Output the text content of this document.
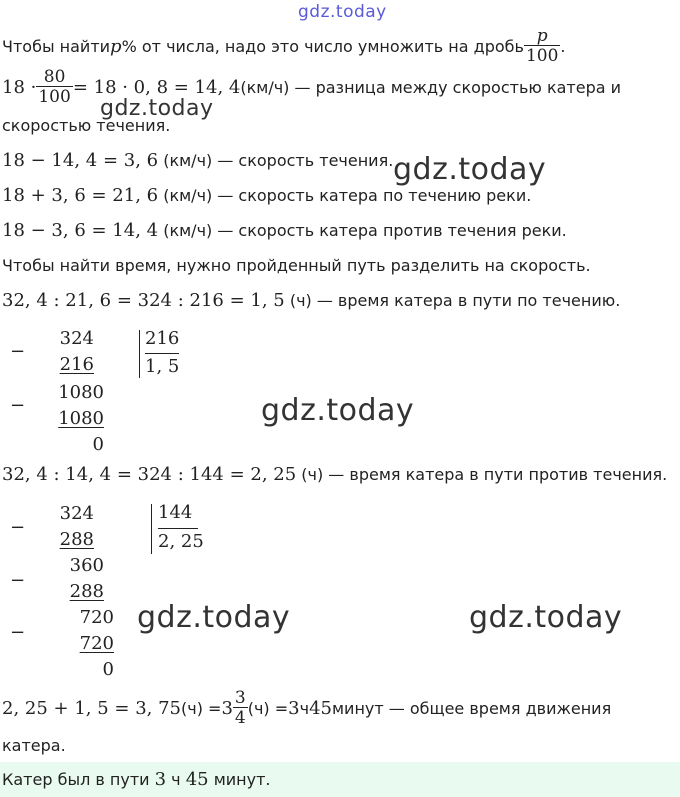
gdz.today
gdz.today
gdz.today
gdz.today
gdz.today	gdz.today
Чтобы найти p % от числа, надо это число умножить на дробь $\frac{p}{100}$ .
$18 \cdot \frac{80}{100} = 18 \cdot 0$, 8 = 14, 4 (км/ч) — разница между скоростью катера и
скоростью течения.
18 − 14, 4 = 3, 6 (км/ч) — скорость течения.
18 + 3, 6 = 21, 6 (км/ч) — скорость катера по течению реки.
18 − 3, 6 = 14, 4 (км/ч) — скорость катера против течения реки.
Чтобы найти время, нужно пройденный путь разделить на скорость.
32, 4 : 21, 6 = 324 : 216 = 1, 5 (ч) — время катера в пути по течению.
−
324
216
−
1080
1080
0
216
1, 5
32, 4 : 14, 4 = 324 : 144 = 2, 25 (ч) — время катера в пути против течения.
−
324
288
−
360
288
−
720
720
0
144
2, 25
2, 25 + 1, 5 = 3, 75 $(ч) = 3 \frac{3}{4} (ч) = 3$ ч 45 минут — общее время движения
катера.
Катер был в пути 3 ч 45 минут.
